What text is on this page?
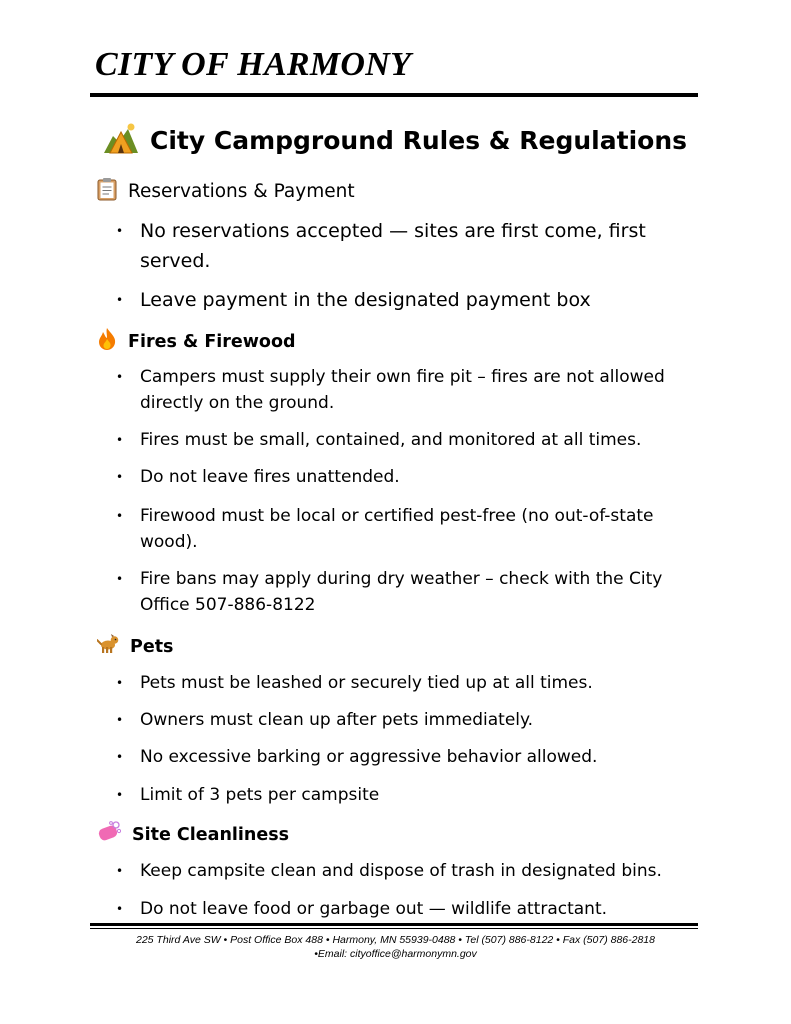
CITY OF HARMONY
City Campground Rules & Regulations
Reservations & Payment
• No reservations accepted — sites are first come, first served.
• Leave payment in the designated payment box
Fires & Firewood
• Campers must supply their own fire pit – fires are not allowed directly on the ground.
• Fires must be small, contained, and monitored at all times.
• Do not leave fires unattended.
• Firewood must be local or certified pest-free (no out-of-state wood).
• Fire bans may apply during dry weather – check with the City Office 507-886-8122
Pets
• Pets must be leashed or securely tied up at all times.
• Owners must clean up after pets immediately.
• No excessive barking or aggressive behavior allowed.
• Limit of 3 pets per campsite
Site Cleanliness
• Keep campsite clean and dispose of trash in designated bins.
• Do not leave food or garbage out — wildlife attractant.
225 Third Ave SW • Post Office Box 488 • Harmony, MN 55939-0488 • Tel (507) 886-8122 • Fax (507) 886-2818
•Email: cityoffice@harmonymn.gov
